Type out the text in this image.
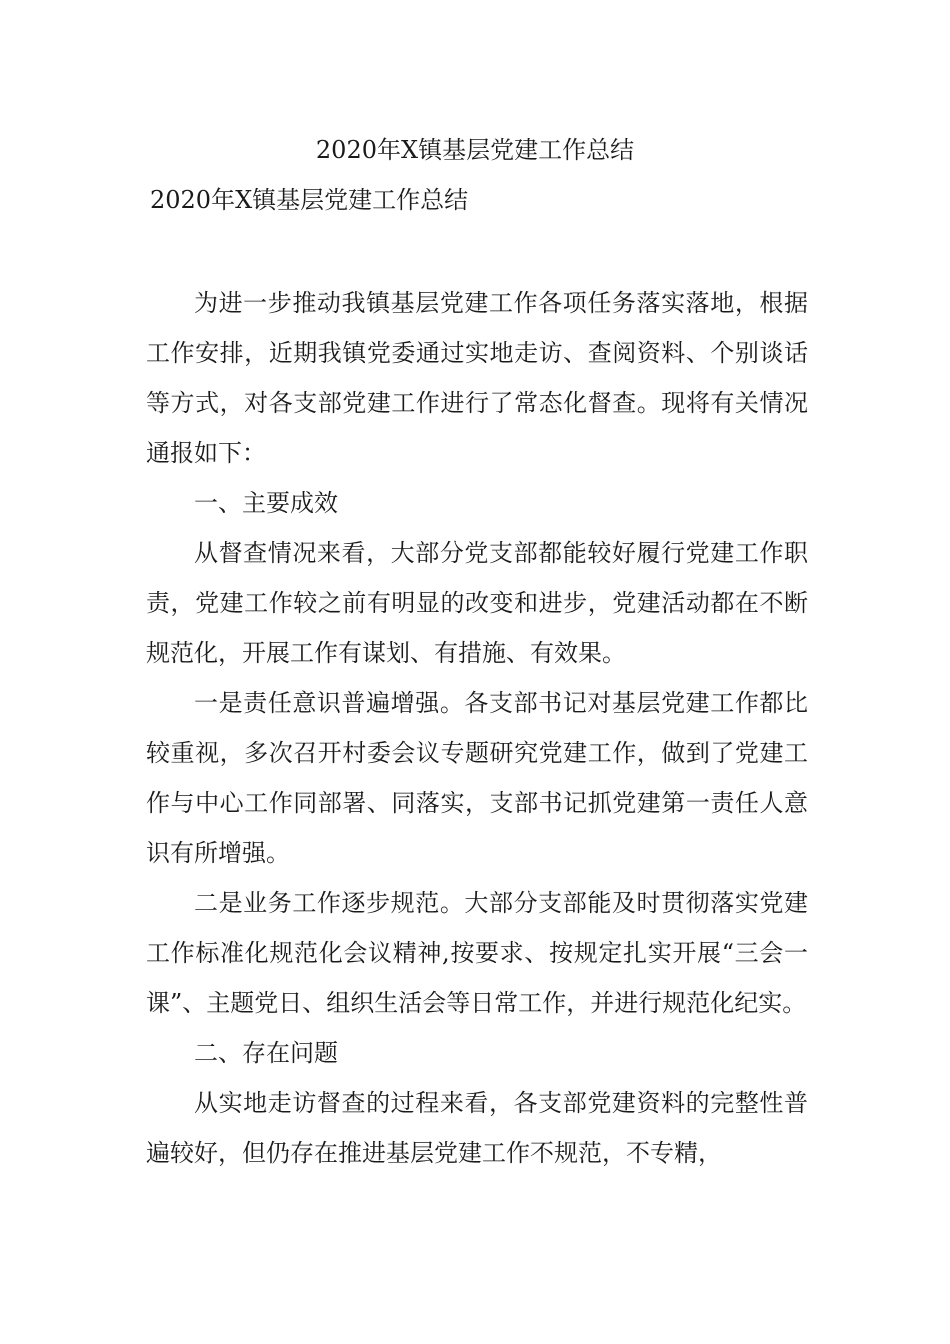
2020年X镇基层党建工作总结
2020年X镇基层党建工作总结

为进一步推动我镇基层党建工作各项任务落实落地，根据工作安排，近期我镇党委通过实地走访、查阅资料、个别谈话等方式，对各支部党建工作进行了常态化督查。现将有关情况通报如下：

一、主要成效

从督查情况来看，大部分党支部都能较好履行党建工作职责，党建工作较之前有明显的改变和进步，党建活动都在不断规范化，开展工作有谋划、有措施、有效果。

一是责任意识普遍增强。各支部书记对基层党建工作都比较重视，多次召开村委会议专题研究党建工作，做到了党建工作与中心工作同部署、同落实，支部书记抓党建第一责任人意识有所增强。

二是业务工作逐步规范。大部分支部能及时贯彻落实党建工作标准化规范化会议精神,按要求、按规定扎实开展“三会一课”、主题党日、组织生活会等日常工作，并进行规范化纪实。

二、存在问题

从实地走访督查的过程来看，各支部党建资料的完整性普遍较好，但仍存在推进基层党建工作不规范，不专精，
